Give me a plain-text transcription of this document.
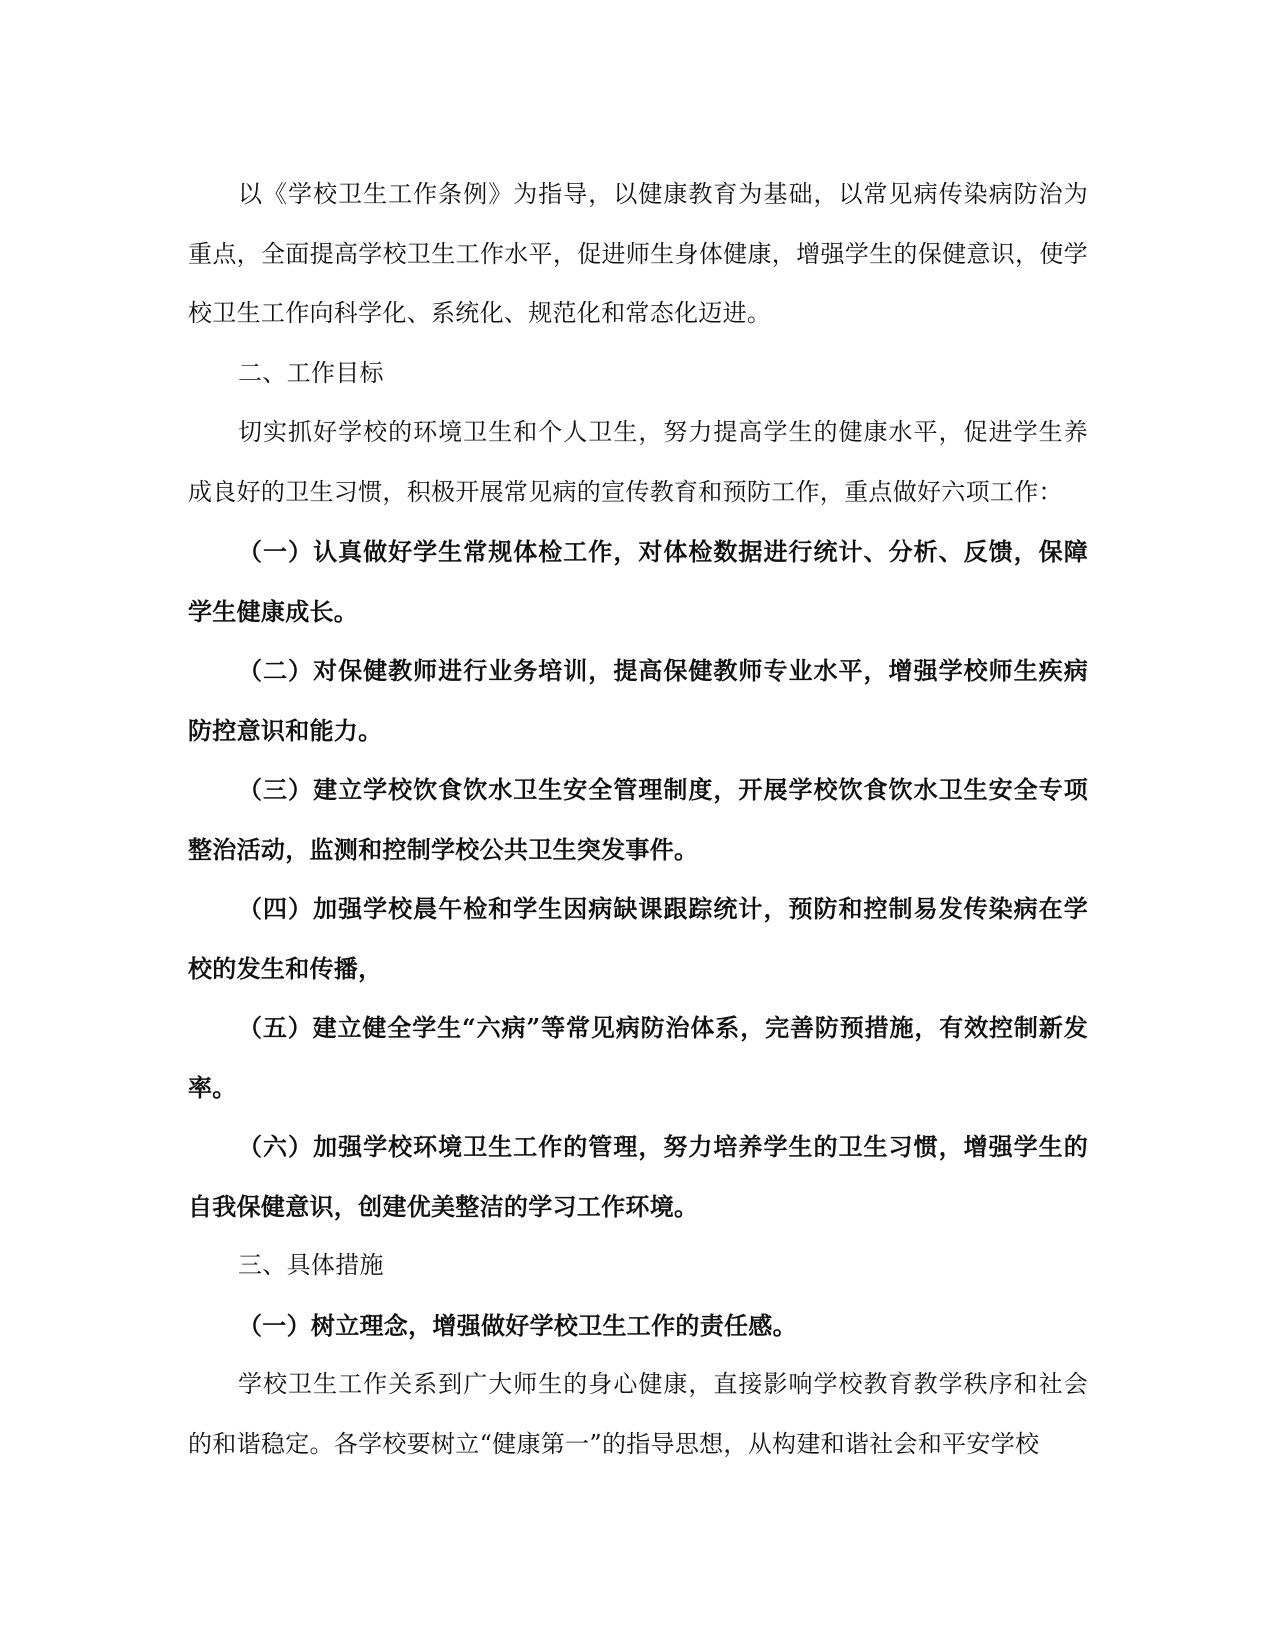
以《学校卫生工作条例》为指导，以健康教育为基础，以常见病传染病防治为重点，全面提高学校卫生工作水平，促进师生身体健康，增强学生的保健意识，使学校卫生工作向科学化、系统化、规范化和常态化迈进。

二、工作目标

切实抓好学校的环境卫生和个人卫生，努力提高学生的健康水平，促进学生养成良好的卫生习惯，积极开展常见病的宣传教育和预防工作，重点做好六项工作：

（一）认真做好学生常规体检工作，对体检数据进行统计、分析、反馈，保障学生健康成长。

（二）对保健教师进行业务培训，提高保健教师专业水平，增强学校师生疾病防控意识和能力。

（三）建立学校饮食饮水卫生安全管理制度，开展学校饮食饮水卫生安全专项整治活动，监测和控制学校公共卫生突发事件。

（四）加强学校晨午检和学生因病缺课跟踪统计，预防和控制易发传染病在学校的发生和传播，

（五）建立健全学生“六病”等常见病防治体系，完善防预措施，有效控制新发率。

（六）加强学校环境卫生工作的管理，努力培养学生的卫生习惯，增强学生的自我保健意识，创建优美整洁的学习工作环境。

三、具体措施

（一）树立理念，增强做好学校卫生工作的责任感。

学校卫生工作关系到广大师生的身心健康，直接影响学校教育教学秩序和社会的和谐稳定。各学校要树立“健康第一”的指导思想，从构建和谐社会和平安学校
